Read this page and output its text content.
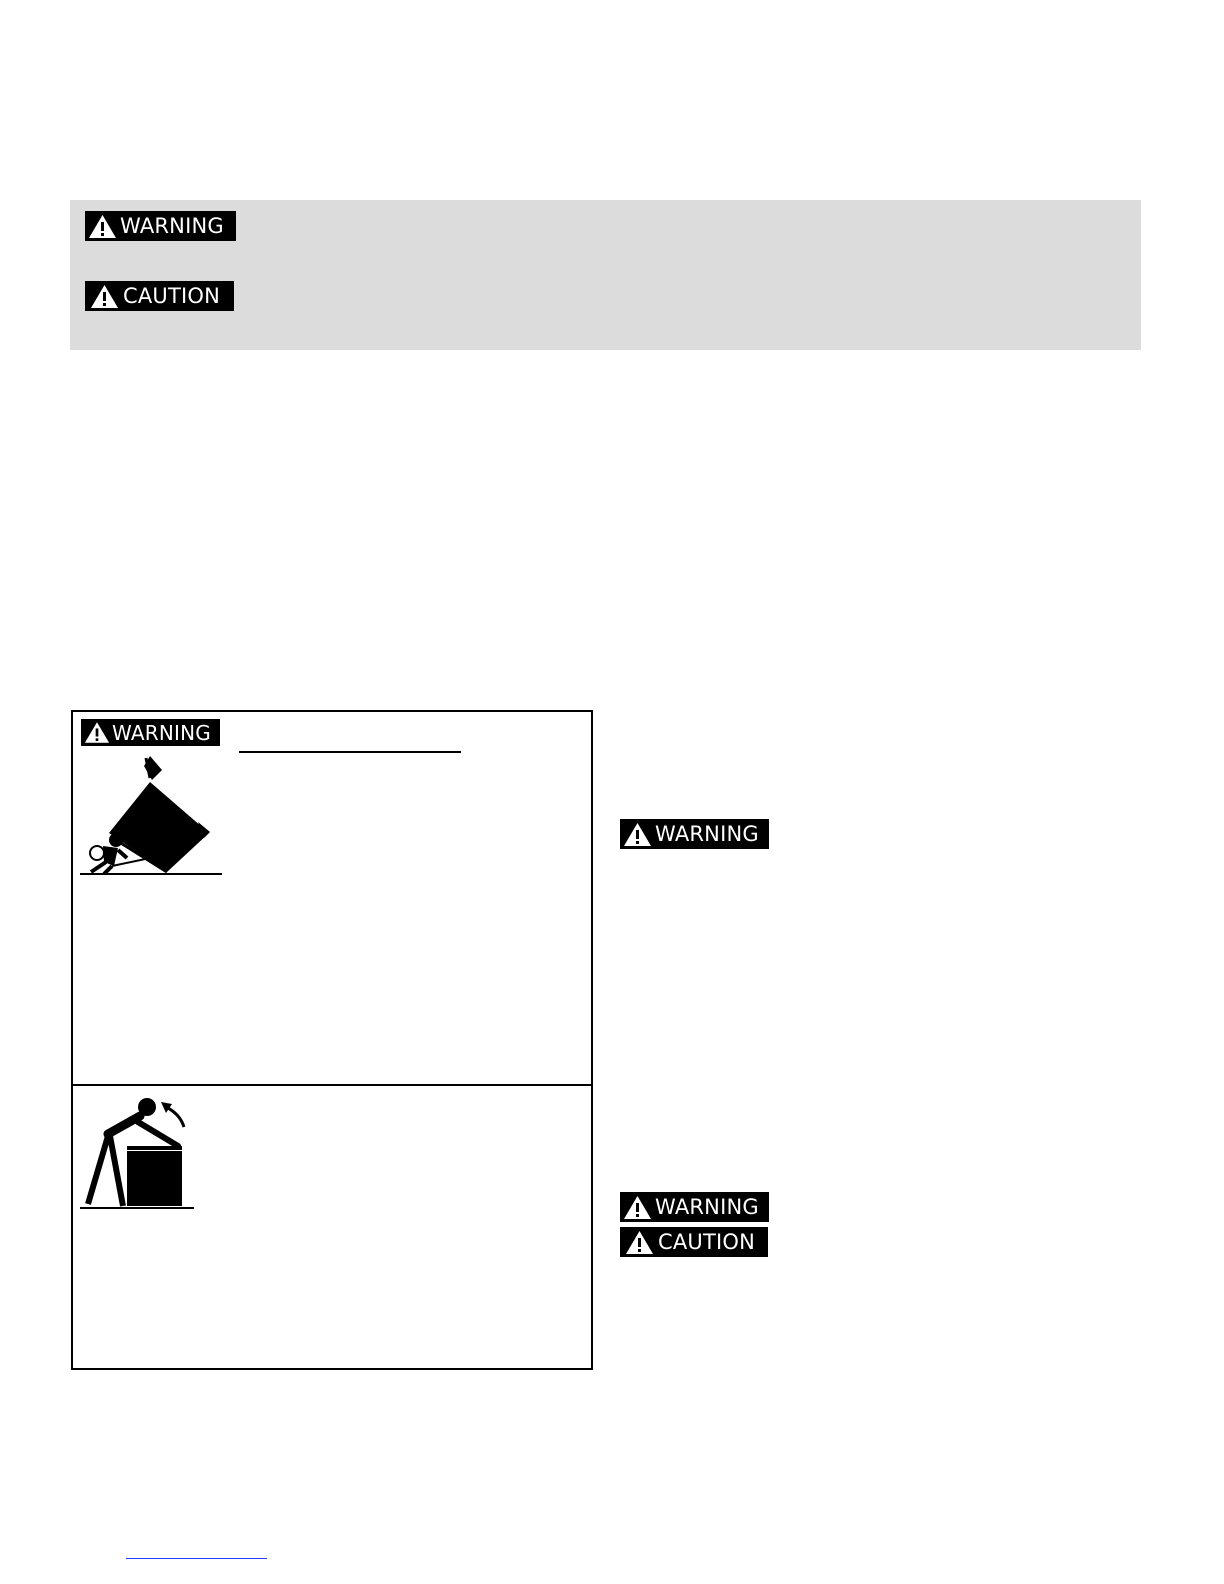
WARNING
CAUTION
WARNING
WARNING
WARNING
CAUTION
